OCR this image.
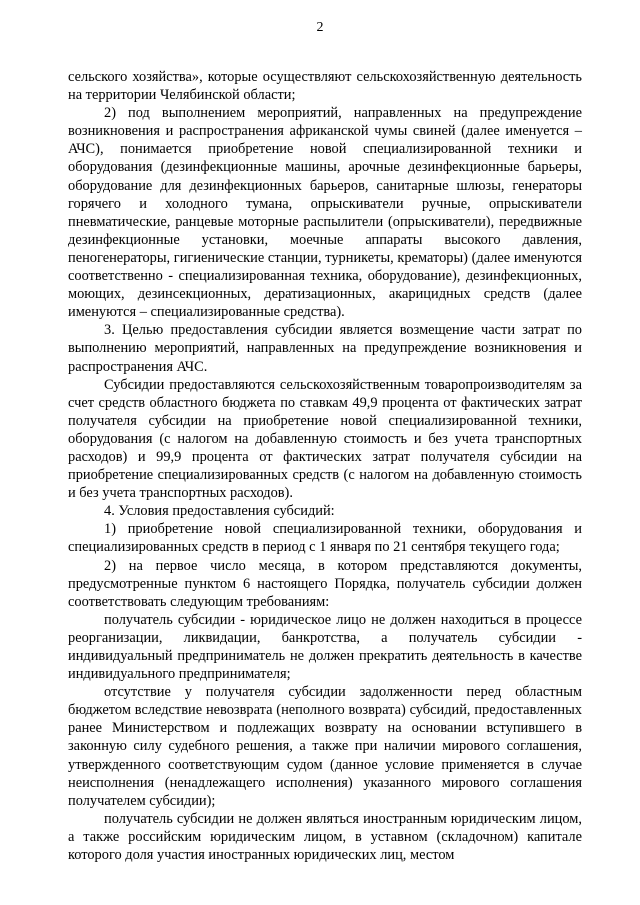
2

сельского хозяйства», которые осуществляют сельскохозяйственную деятельность на территории Челябинской области;

2) под выполнением мероприятий, направленных на предупреждение возникновения и распространения африканской чумы свиней (далее именуется – АЧС), понимается приобретение новой специализированной техники и оборудования (дезинфекционные машины, арочные дезинфекционные барьеры, оборудование для дезинфекционных барьеров, санитарные шлюзы, генераторы горячего и холодного тумана, опрыскиватели ручные, опрыскиватели пневматические, ранцевые моторные распылители (опрыскиватели), передвижные дезинфекционные установки, моечные аппараты высокого давления, пеногенераторы, гигиенические станции, турникеты, крематоры) (далее именуются соответственно - специализированная техника, оборудование), дезинфекционных, моющих, дезинсекционных, дератизационных, акарицидных средств (далее именуются – специализированные средства).

3. Целью предоставления субсидии является возмещение части затрат по выполнению мероприятий, направленных на предупреждение возникновения и распространения АЧС.

Субсидии предоставляются сельскохозяйственным товаропроизводителям за счет средств областного бюджета по ставкам 49,9 процента от фактических затрат получателя субсидии на приобретение новой специализированной техники, оборудования (с налогом на добавленную стоимость и без учета транспортных расходов) и 99,9 процента от фактических затрат получателя субсидии на приобретение специализированных средств (с налогом на добавленную стоимость и без учета транспортных расходов).

4. Условия предоставления субсидий:

1) приобретение новой специализированной техники, оборудования и специализированных средств в период с 1 января по 21 сентября текущего года;

2) на первое число месяца, в котором представляются документы, предусмотренные пунктом 6 настоящего Порядка, получатель субсидии должен соответствовать следующим требованиям:

получатель субсидии - юридическое лицо не должен находиться в процессе реорганизации, ликвидации, банкротства, а получатель субсидии - индивидуальный предприниматель не должен прекратить деятельность в качестве индивидуального предпринимателя;

отсутствие у получателя субсидии задолженности перед областным бюджетом вследствие невозврата (неполного возврата) субсидий, предоставленных ранее Министерством и подлежащих возврату на основании вступившего в законную силу судебного решения, а также при наличии мирового соглашения, утвержденного соответствующим судом (данное условие применяется в случае неисполнения (ненадлежащего исполнения) указанного мирового соглашения получателем субсидии);

получатель субсидии не должен являться иностранным юридическим лицом, а также российским юридическим лицом, в уставном (складочном) капитале которого доля участия иностранных юридических лиц, местом
